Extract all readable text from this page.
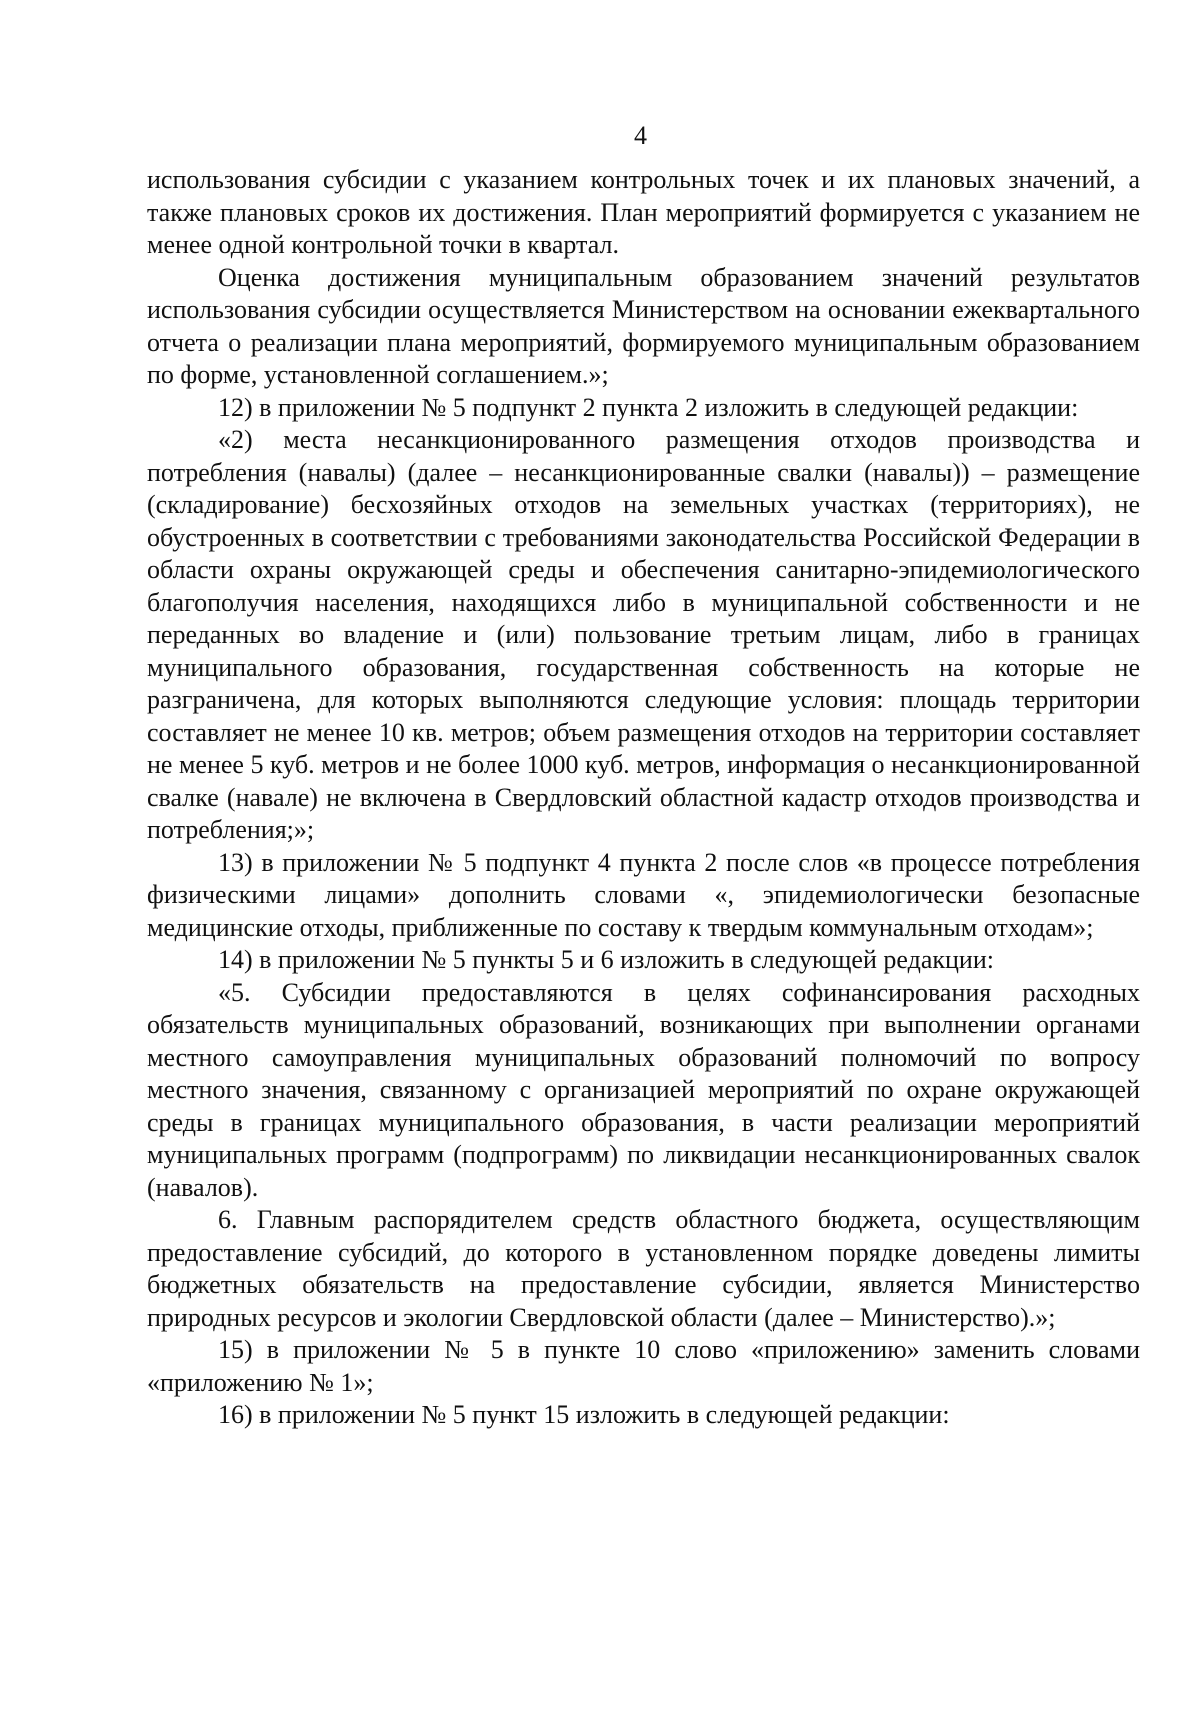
4

использования субсидии с указанием контрольных точек и их плановых значений, а также плановых сроков их достижения. План мероприятий формируется с указанием не менее одной контрольной точки в квартал.

Оценка достижения муниципальным образованием значений результатов использования субсидии осуществляется Министерством на основании ежеквартального отчета о реализации плана мероприятий, формируемого муниципальным образованием по форме, установленной соглашением.»;

12) в приложении № 5 подпункт 2 пункта 2 изложить в следующей редакции:

«2) места несанкционированного размещения отходов производства и потребления (навалы) (далее – несанкционированные свалки (навалы)) – размещение (складирование) бесхозяйных отходов на земельных участках (территориях), не обустроенных в соответствии с требованиями законодательства Российской Федерации в области охраны окружающей среды и обеспечения санитарно-эпидемиологического благополучия населения, находящихся либо в муниципальной собственности и не переданных во владение и (или) пользование третьим лицам, либо в границах муниципального образования, государственная собственность на которые не разграничена, для которых выполняются следующие условия: площадь территории составляет не менее 10 кв. метров; объем размещения отходов на территории составляет не менее 5 куб. метров и не более 1000 куб. метров, информация о несанкционированной свалке (навале) не включена в Свердловский областной кадастр отходов производства и потребления;»;

13) в приложении № 5 подпункт 4 пункта 2 после слов «в процессе потребления физическими лицами» дополнить словами «, эпидемиологически безопасные медицинские отходы, приближенные по составу к твердым коммунальным отходам»;

14) в приложении № 5 пункты 5 и 6 изложить в следующей редакции:

«5. Субсидии предоставляются в целях софинансирования расходных обязательств муниципальных образований, возникающих при выполнении органами местного самоуправления муниципальных образований полномочий по вопросу местного значения, связанному с организацией мероприятий по охране окружающей среды в границах муниципального образования, в части реализации мероприятий муниципальных программ (подпрограмм) по ликвидации несанкционированных свалок (навалов).

6. Главным распорядителем средств областного бюджета, осуществляющим предоставление субсидий, до которого в установленном порядке доведены лимиты бюджетных обязательств на предоставление субсидии, является Министерство природных ресурсов и экологии Свердловской области (далее – Министерство).»;

15) в приложении № 5 в пункте 10 слово «приложению» заменить словами «приложению № 1»;

16) в приложении № 5 пункт 15 изложить в следующей редакции:
